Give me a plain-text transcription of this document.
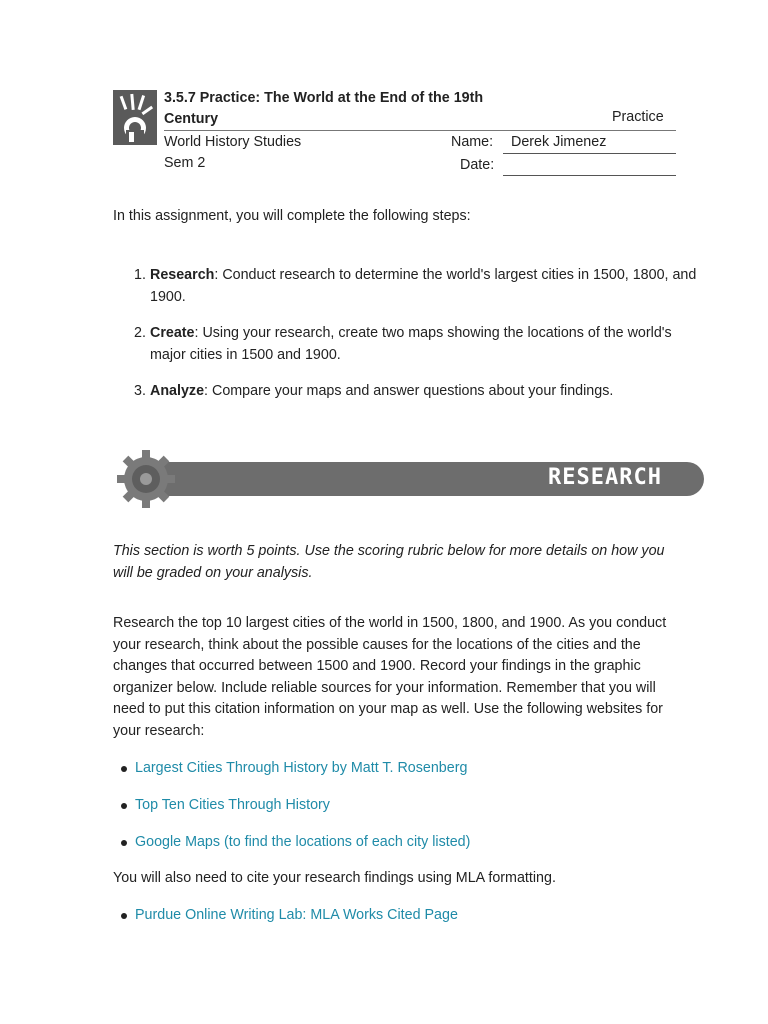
3.5.7 Practice: The World at the End of the 19th Century	Practice
World History Studies
Sem 2
Name:	Derek Jimenez
Date:
In this assignment, you will complete the following steps:
Research: Conduct research to determine the world's largest cities in 1500, 1800, and 1900.
Create: Using your research, create two maps showing the locations of the world's major cities in 1500 and 1900.
Analyze: Compare your maps and answer questions about your findings.
RESEARCH
This section is worth 5 points. Use the scoring rubric below for more details on how you will be graded on your analysis.
Research the top 10 largest cities of the world in 1500, 1800, and 1900. As you conduct your research, think about the possible causes for the locations of the cities and the changes that occurred between 1500 and 1900. Record your findings in the graphic organizer below. Include reliable sources for your information. Remember that you will need to put this citation information on your map as well. Use the following websites for your research:
Largest Cities Through History by Matt T. Rosenberg
Top Ten Cities Through History
Google Maps (to find the locations of each city listed)
You will also need to cite your research findings using MLA formatting.
Purdue Online Writing Lab: MLA Works Cited Page
